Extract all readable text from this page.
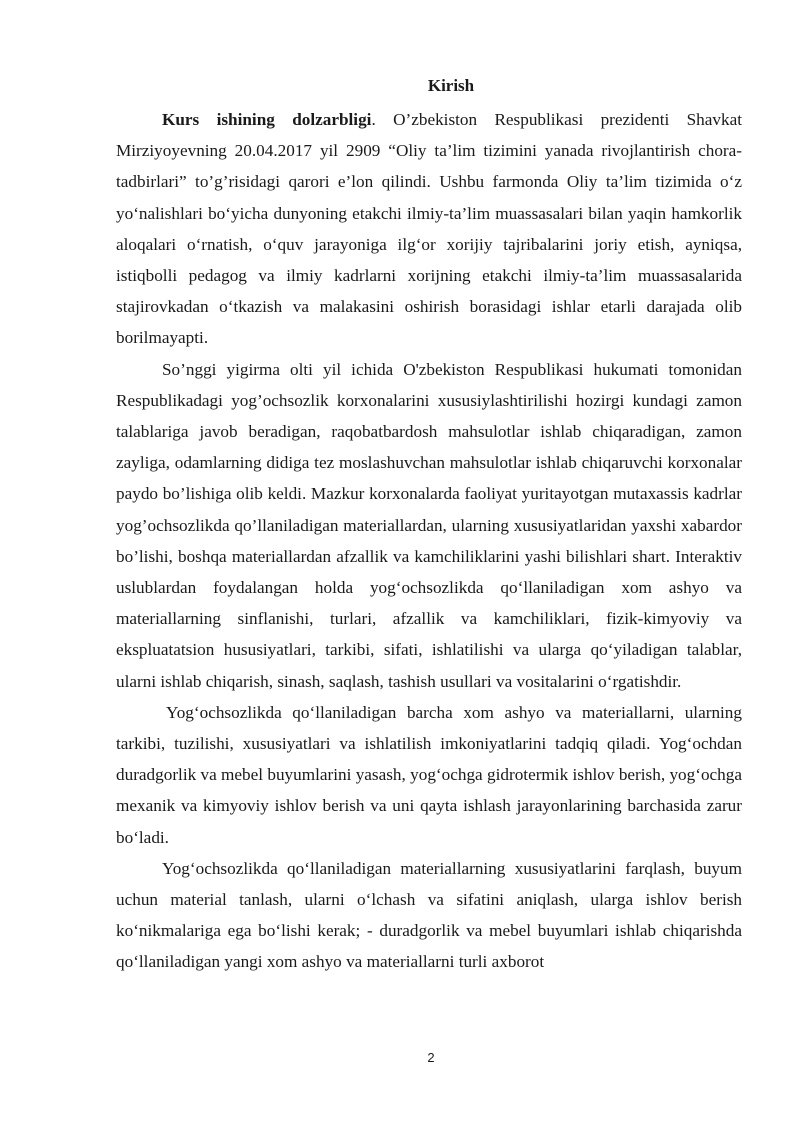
Kirish

Kurs ishining dolzarbligi. O’zbekiston Respublikasi prezidenti Shavkat Mirziyoyevning 20.04.2017 yil 2909 “Oliy ta’lim tizimini yanada rivojlantirish chora-tadbirlari” to’g’risidagi qarori e’lon qilindi. Ushbu farmonda Oliy ta’lim tizimida o‘z yo‘nalishlari bo‘yicha dunyoning etakchi ilmiy-ta’lim muassasalari bilan yaqin hamkorlik aloqalari o‘rnatish, o‘quv jarayoniga ilg‘or xorijiy tajribalarini joriy etish, ayniqsa, istiqbolli pedagog va ilmiy kadrlarni xorijning etakchi ilmiy-ta’lim muassasalarida stajirovkadan o‘tkazish va malakasini oshirish borasidagi ishlar etarli darajada olib borilmayapti.

So’nggi yigirma olti yil ichida O'zbekiston Respublikasi hukumati tomonidan Respublikadagi yog’ochsozlik korxonalarini xususiylashtirilishi hozirgi kundagi zamon talablariga javob beradigan, raqobatbardosh mahsulotlar ishlab chiqaradigan, zamon zayliga, odamlarning didiga tez moslashuvchan mahsulotlar ishlab chiqaruvchi korxonalar paydo bo’lishiga olib keldi. Mazkur korxonalarda faoliyat yuritayotgan mutaxassis kadrlar yog’ochsozlikda qo’llaniladigan materiallardan, ularning xususiyatlaridan yaxshi xabardor bo’lishi, boshqa materiallardan afzallik va kamchiliklarini yashi bilishlari shart. Interaktiv uslublardan foydalangan holda yog‘ochsozlikda qo‘llaniladigan xom ashyo va materiallarning sinflanishi, turlari, afzallik va kamchiliklari, fizik-kimyoviy va ekspluatatsion hususiyatlari, tarkibi, sifati, ishlatilishi va ularga qo‘yiladigan talablar, ularni ishlab chiqarish, sinash, saqlash, tashish usullari va vositalarini o‘rgatishdir.

Yog‘ochsozlikda qo‘llaniladigan barcha xom ashyo va materiallarni, ularning tarkibi, tuzilishi, xususiyatlari va ishlatilish imkoniyatlarini tadqiq qiladi. Yog‘ochdan duradgorlik va mebel buyumlarini yasash, yog‘ochga gidrotermik ishlov berish, yog‘ochga mexanik va kimyoviy ishlov berish va uni qayta ishlash jarayonlarining barchasida zarur bo‘ladi.

Yog‘ochsozlikda qo‘llaniladigan materiallarning xususiyatlarini farqlash, buyum uchun material tanlash, ularni o‘lchash va sifatini aniqlash, ularga ishlov berish ko‘nikmalariga ega bo‘lishi kerak; - duradgorlik va mebel buyumlari ishlab chiqarishda qo‘llaniladigan yangi xom ashyo va materiallarni turli axborot

2
